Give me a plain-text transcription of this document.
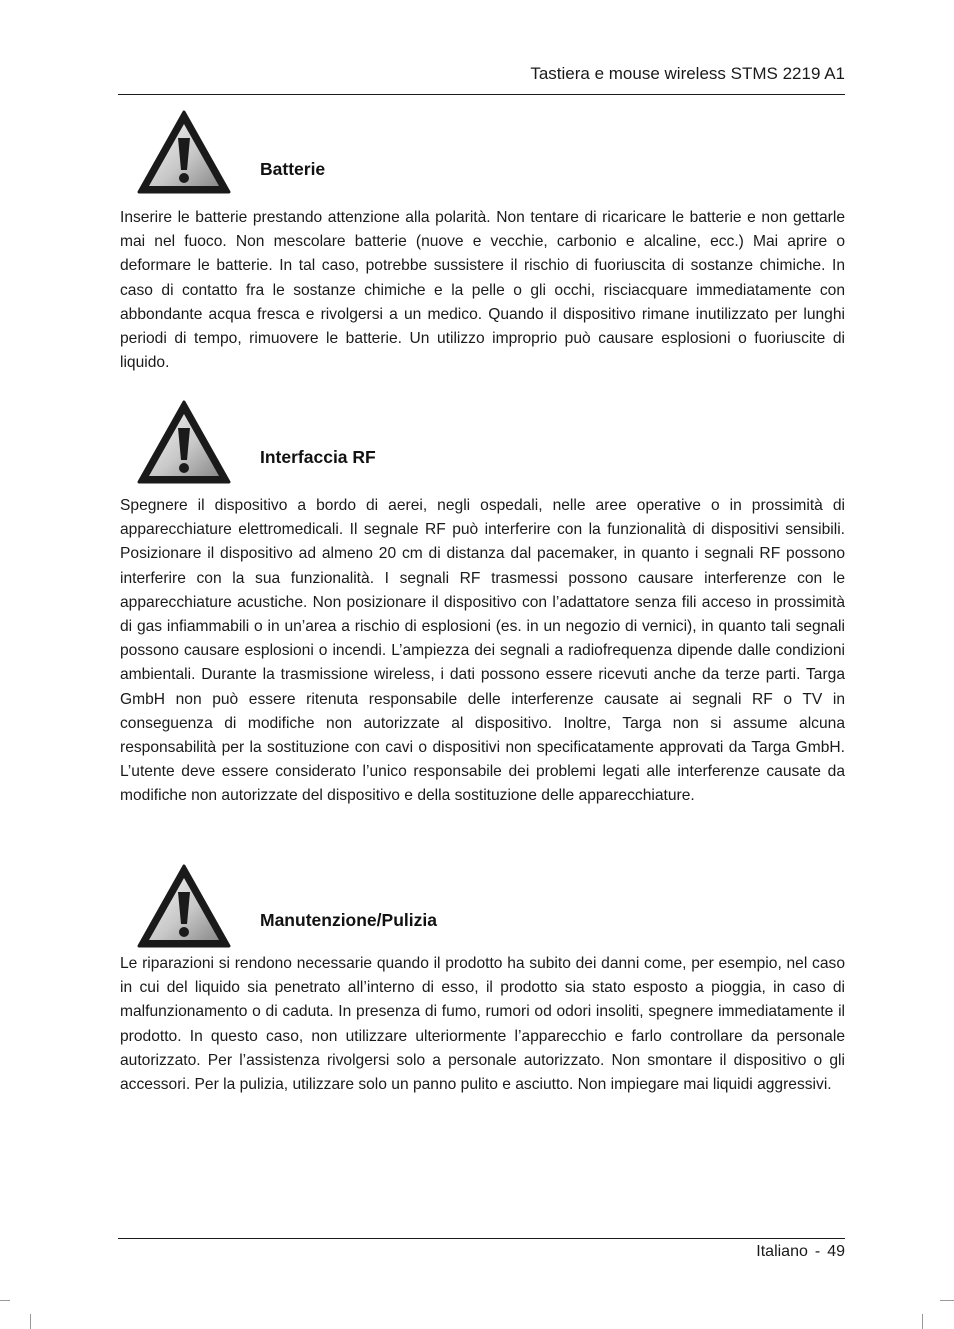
Tastiera e mouse wireless STMS 2219 A1
Batterie

Inserire le batterie prestando attenzione alla polarità. Non tentare di ricaricare le batterie e non gettarle mai nel fuoco. Non mescolare batterie (nuove e vecchie, carbonio e alcaline, ecc.) Mai aprire o deformare le batterie. In tal caso, potrebbe sussistere il rischio di fuoriuscita di sostanze chimiche. In caso di contatto fra le sostanze chimiche e la pelle o gli occhi, risciacquare immediatamente con abbondante acqua fresca e rivolgersi a un medico. Quando il dispositivo rimane inutilizzato per lunghi periodi di tempo, rimuovere le batterie. Un utilizzo improprio può causare esplosioni o fuoriuscite di liquido.

Interfaccia RF

Spegnere il dispositivo a bordo di aerei, negli ospedali, nelle aree operative o in prossimità di apparecchiature elettromedicali. Il segnale RF può interferire con la funzionalità di dispositivi sensibili. Posizionare il dispositivo ad almeno 20 cm di distanza dal pacemaker, in quanto i segnali RF possono interferire con la sua funzionalità. I segnali RF trasmessi possono causare interferenze con le apparecchiature acustiche. Non posizionare il dispositivo con l’adattatore senza fili acceso in prossimità di gas infiammabili o in un’area a rischio di esplosioni (es. in un negozio di vernici), in quanto tali segnali possono causare esplosioni o incendi. L’ampiezza dei segnali a radiofrequenza dipende dalle condizioni ambientali. Durante la trasmissione wireless, i dati possono essere ricevuti anche da terze parti. Targa GmbH non può essere ritenuta responsabile delle interferenze causate ai segnali RF o TV in conseguenza di modifiche non autorizzate al dispositivo. Inoltre, Targa non si assume alcuna responsabilità per la sostituzione con cavi o dispositivi non specificatamente approvati da Targa GmbH. L’utente deve essere considerato l’unico responsabile dei problemi legati alle interferenze causate da modifiche non autorizzate del dispositivo e della sostituzione delle apparecchiature.

Manutenzione/Pulizia

Le riparazioni si rendono necessarie quando il prodotto ha subito dei danni come, per esempio, nel caso in cui del liquido sia penetrato all’interno di esso, il prodotto sia stato esposto a pioggia, in caso di malfunzionamento o di caduta. In presenza di fumo, rumori od odori insoliti, spegnere immediatamente il prodotto. In questo caso, non utilizzare ulteriormente l’apparecchio e farlo controllare da personale autorizzato. Per l’assistenza rivolgersi solo a personale autorizzato. Non smontare il dispositivo o gli accessori. Per la pulizia, utilizzare solo un panno pulito e asciutto. Non impiegare mai liquidi aggressivi.

Italiano - 49
